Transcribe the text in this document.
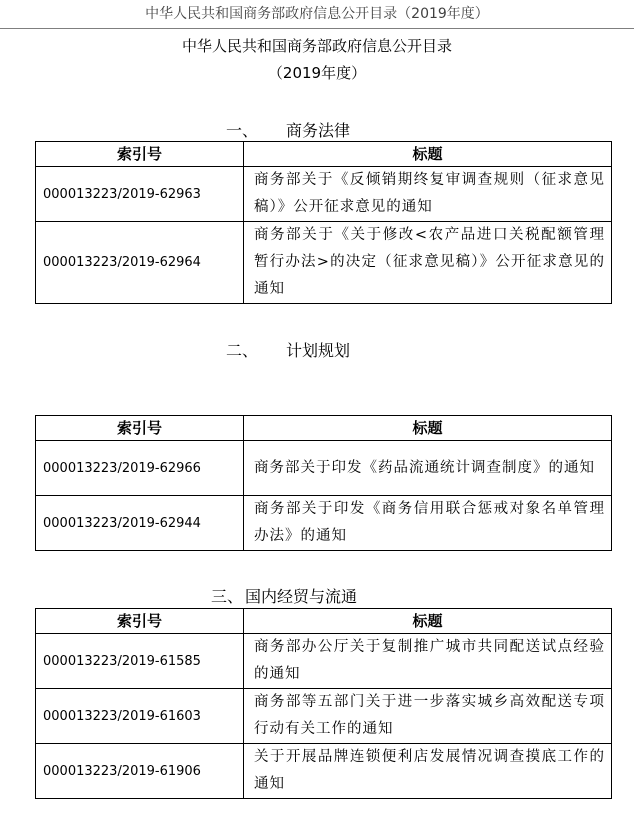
中华人民共和国商务部政府信息公开目录（2019年度）
中华人民共和国商务部政府信息公开目录
（2019年度）
一、 商务法律
索引号	标题
000013223/2019-62963	商务部关于《反倾销期终复审调查规则（征求意见稿）》公开征求意见的通知
000013223/2019-62964	商务部关于《关于修改<农产品进口关税配额管理暂行办法>的决定（征求意见稿）》公开征求意见的通知
二、 计划规划
索引号	标题
000013223/2019-62966	商务部关于印发《药品流通统计调查制度》的通知
000013223/2019-62944	商务部关于印发《商务信用联合惩戒对象名单管理办法》的通知
三、 国内经贸与流通
索引号	标题
000013223/2019-61585	商务部办公厅关于复制推广城市共同配送试点经验的通知
000013223/2019-61603	商务部等五部门关于进一步落实城乡高效配送专项行动有关工作的通知
000013223/2019-61906	关于开展品牌连锁便利店发展情况调查摸底工作的通知
